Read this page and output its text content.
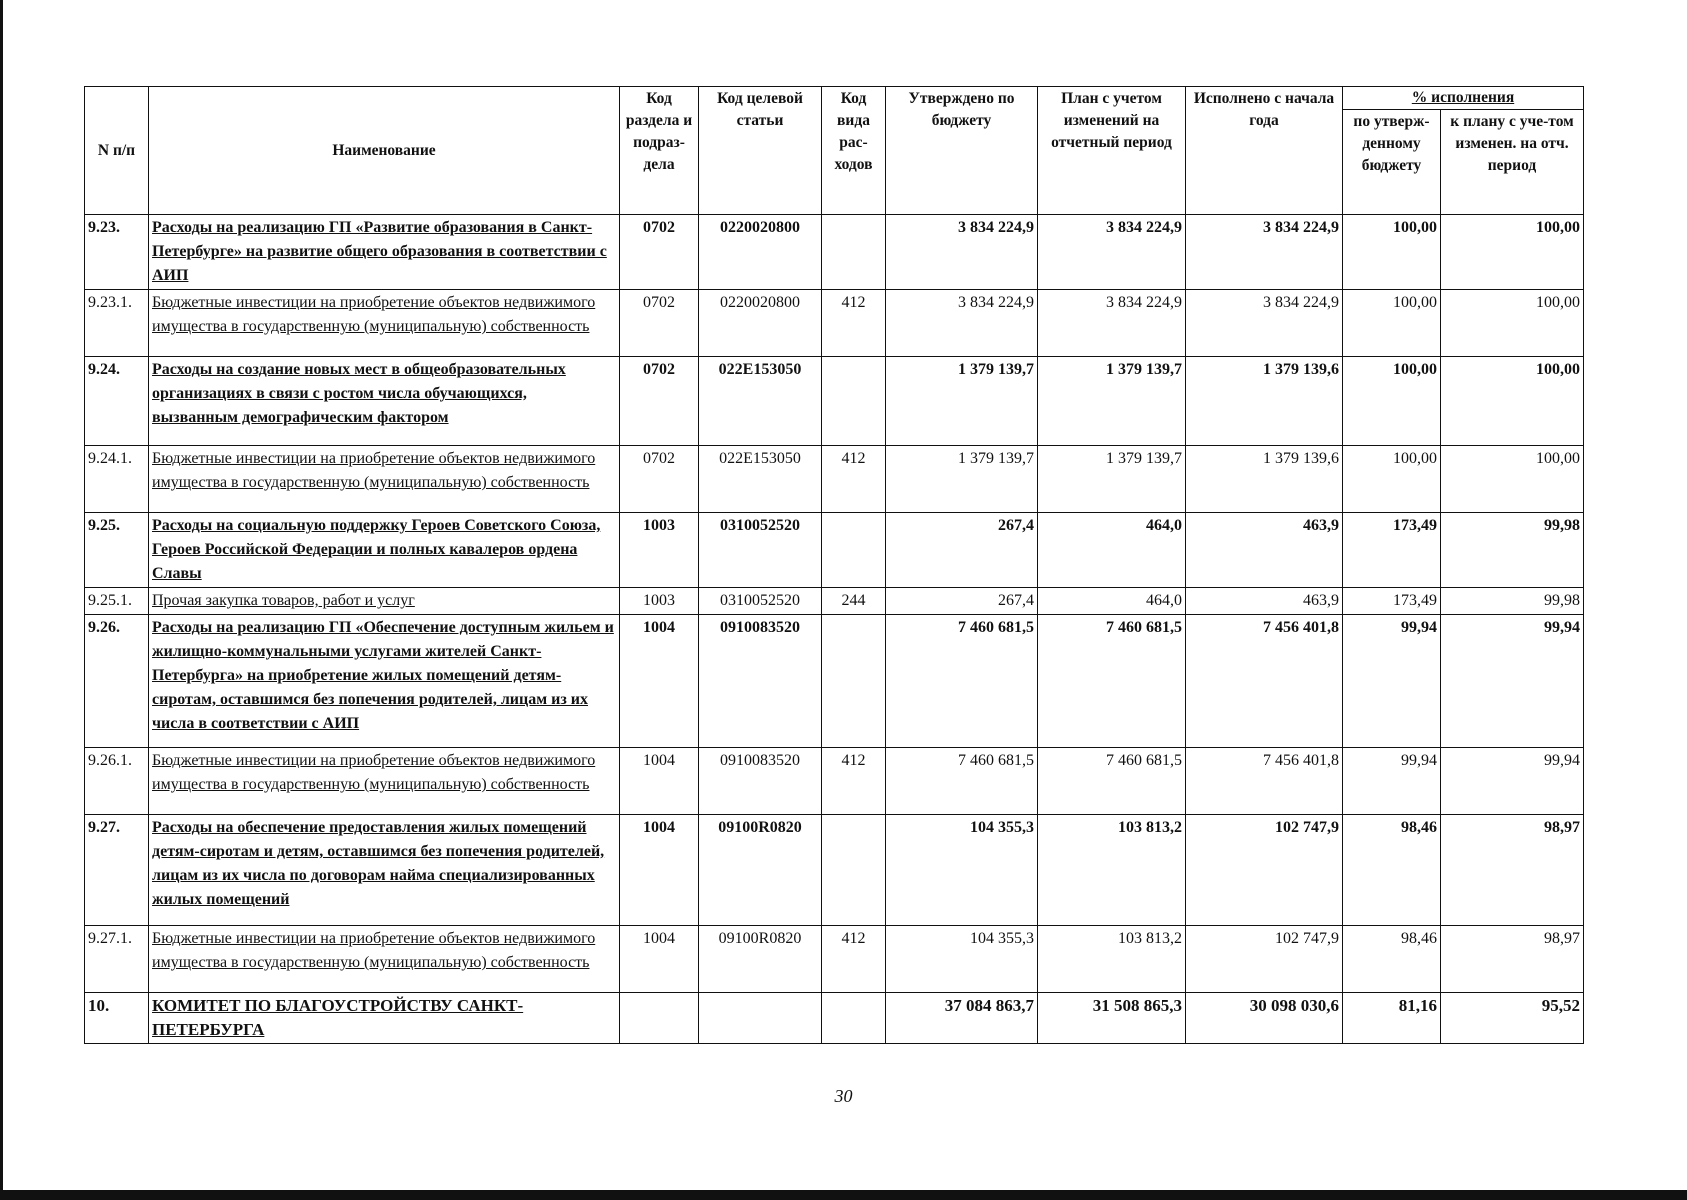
N п/п	Наименование	Код раздела и подраз-дела	Код целевой статьи	Код вида рас-ходов	Утверждено по бюджету	План с учетом изменений на отчетный период	Исполнено с начала года	% исполнения	
								по утверж-денному бюджету	к плану с уче-том изменен. на отч. период
9.23.	Расходы на реализацию ГП «Развитие образования в Санкт-Петербурге» на развитие общего образования в соответствии с АИП	0702	0220020800		3 834 224,9	3 834 224,9	3 834 224,9	100,00	100,00
9.23.1.	Бюджетные инвестиции на приобретение объектов недвижимого имущества в государственную (муниципальную) собственность	0702	0220020800	412	3 834 224,9	3 834 224,9	3 834 224,9	100,00	100,00
9.24.	Расходы на создание новых мест в общеобразовательных организациях в связи с ростом числа обучающихся, вызванным демографическим фактором	0702	022E153050		1 379 139,7	1 379 139,7	1 379 139,6	100,00	100,00
9.24.1.	Бюджетные инвестиции на приобретение объектов недвижимого имущества в государственную (муниципальную) собственность	0702	022E153050	412	1 379 139,7	1 379 139,7	1 379 139,6	100,00	100,00
9.25.	Расходы на социальную поддержку Героев Советского Союза, Героев Российской Федерации и полных кавалеров ордена Славы	1003	0310052520		267,4	464,0	463,9	173,49	99,98
9.25.1.	Прочая закупка товаров, работ и услуг	1003	0310052520	244	267,4	464,0	463,9	173,49	99,98
9.26.	Расходы на реализацию ГП «Обеспечение доступным жильем и жилищно-коммунальными услугами жителей Санкт-Петербурга» на приобретение жилых помещений детям-сиротам, оставшимся без попечения родителей, лицам из их числа в соответствии с АИП	1004	0910083520		7 460 681,5	7 460 681,5	7 456 401,8	99,94	99,94
9.26.1.	Бюджетные инвестиции на приобретение объектов недвижимого имущества в государственную (муниципальную) собственность	1004	0910083520	412	7 460 681,5	7 460 681,5	7 456 401,8	99,94	99,94
9.27.	Расходы на обеспечение предоставления жилых помещений детям-сиротам и детям, оставшимся без попечения родителей, лицам из их числа по договорам найма специализированных жилых помещений	1004	09100R0820		104 355,3	103 813,2	102 747,9	98,46	98,97
9.27.1.	Бюджетные инвестиции на приобретение объектов недвижимого имущества в государственную (муниципальную) собственность	1004	09100R0820	412	104 355,3	103 813,2	102 747,9	98,46	98,97
10.	КОМИТЕТ ПО БЛАГОУСТРОЙСТВУ САНКТ-ПЕТЕРБУРГА				37 084 863,7	31 508 865,3	30 098 030,6	81,16	95,52
30
